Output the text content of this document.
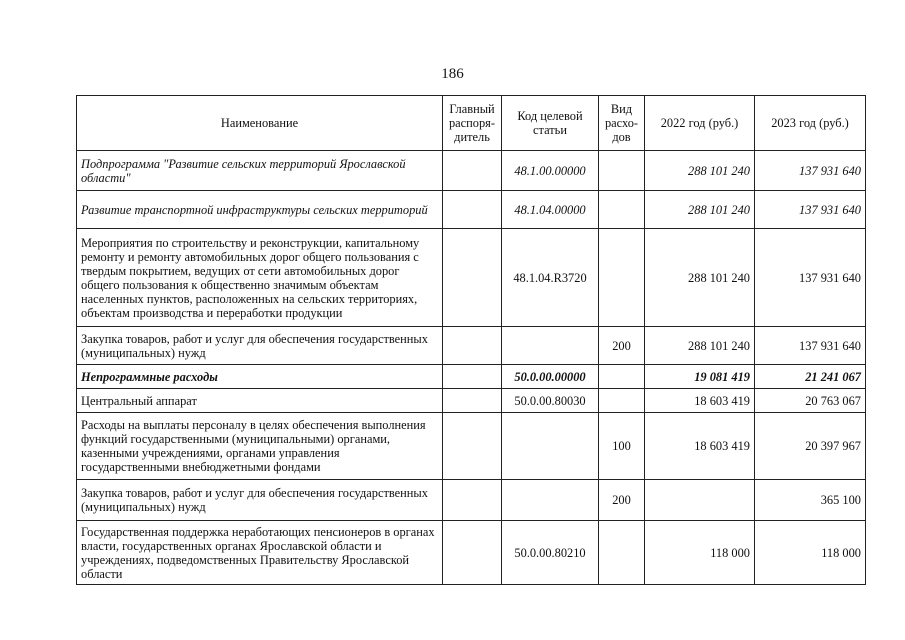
186
Наименование	Главный распоря-дитель	Код целевой статьи	Вид расхо-дов	2022 год (руб.)	2023 год (руб.)
Подпрограмма "Развитие сельских территорий Ярославской области"		48.1.00.00000		288 101 240	137 931 640
Развитие транспортной инфраструктуры сельских территорий		48.1.04.00000		288 101 240	137 931 640
Мероприятия по строительству и реконструкции, капитальному ремонту и ремонту автомобильных дорог общего пользования с твердым покрытием, ведущих от сети автомобильных дорог общего пользования к общественно значимым объектам населенных пунктов, расположенных на сельских территориях, объектам производства и переработки продукции		48.1.04.R3720		288 101 240	137 931 640
Закупка товаров, работ и услуг для обеспечения государственных (муниципальных) нужд			200	288 101 240	137 931 640
Непрограммные расходы		50.0.00.00000		19 081 419	21 241 067
Центральный аппарат		50.0.00.80030		18 603 419	20 763 067
Расходы на выплаты персоналу в целях обеспечения выполнения функций государственными (муниципальными) органами, казенными учреждениями, органами управления государственными внебюджетными фондами			100	18 603 419	20 397 967
Закупка товаров, работ и услуг для обеспечения государственных (муниципальных) нужд			200		365 100
Государственная поддержка неработающих пенсионеров в органах власти, государственных органах Ярославской области и учреждениях, подведомственных Правительству Ярославской области		50.0.00.80210		118 000	118 000
